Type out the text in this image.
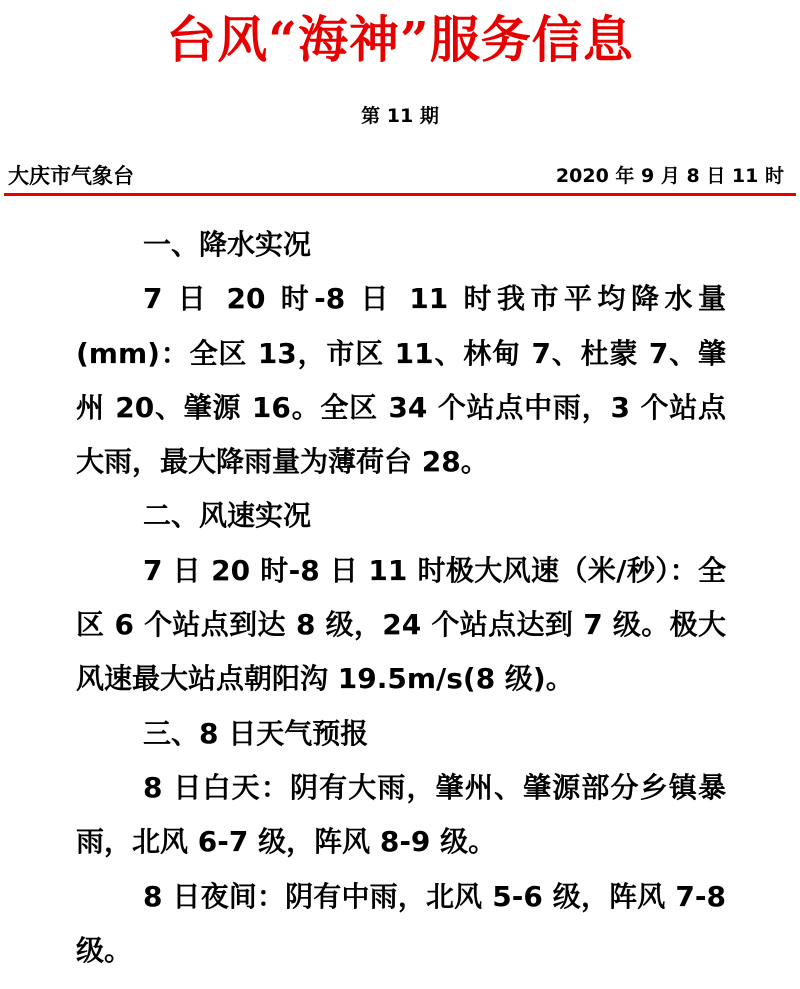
台风“海神”服务信息
第 11 期
大庆市气象台	2020 年 9 月 8 日 11 时

一、降水实况

7 日 20 时-8 日 11 时我市平均降水量(mm)：全区 13，市区 11、林甸 7、杜蒙 7、肇州 20、肇源 16。全区 34 个站点中雨，3 个站点大雨，最大降雨量为薄荷台 28。

二、风速实况

7 日 20 时-8 日 11 时极大风速（米/秒）：全区 6 个站点到达 8 级，24 个站点达到 7 级。极大风速最大站点朝阳沟 19.5m/s(8 级)。

三、8 日天气预报

8 日白天：阴有大雨，肇州、肇源部分乡镇暴雨，北风 6-7 级，阵风 8-9 级。

8 日夜间：阴有中雨，北风 5-6 级，阵风 7-8 级。
